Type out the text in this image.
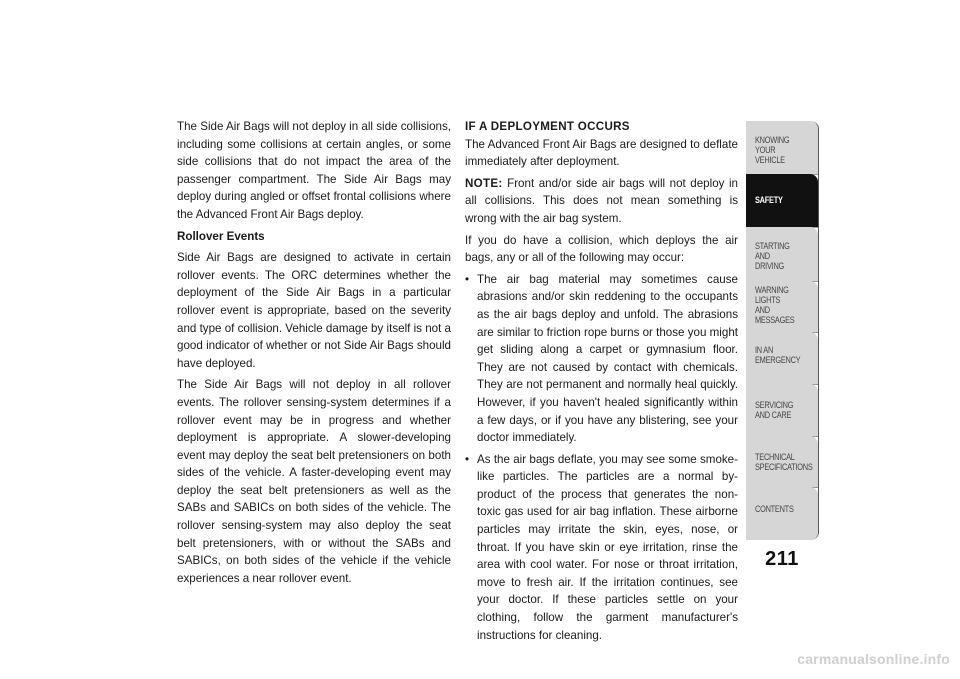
The Side Air Bags will not deploy in all side collisions, including some collisions at certain angles, or some side collisions that do not impact the area of the passenger compartment. The Side Air Bags may deploy during angled or offset frontal collisions where the Advanced Front Air Bags deploy.

Rollover Events

Side Air Bags are designed to activate in certain rollover events. The ORC determines whether the deployment of the Side Air Bags in a particular rollover event is appropriate, based on the severity and type of collision. Vehicle damage by itself is not a good indicator of whether or not Side Air Bags should have deployed.

The Side Air Bags will not deploy in all rollover events. The rollover sensing-system determines if a rollover event may be in progress and whether deployment is appropriate. A slower-developing event may deploy the seat belt pretensioners on both sides of the vehicle. A faster-developing event may deploy the seat belt pretensioners as well as the SABs and SABICs on both sides of the vehicle. The rollover sensing-system may also deploy the seat belt pretensioners, with or without the SABs and SABICs, on both sides of the vehicle if the vehicle experiences a near rollover event.

IF A DEPLOYMENT OCCURS

The Advanced Front Air Bags are designed to deflate immediately after deployment.

NOTE: Front and/or side air bags will not deploy in all collisions. This does not mean something is wrong with the air bag system.

If you do have a collision, which deploys the air bags, any or all of the following may occur:

• The air bag material may sometimes cause abrasions and/or skin reddening to the occupants as the air bags deploy and unfold. The abrasions are similar to friction rope burns or those you might get sliding along a carpet or gymnasium floor. They are not caused by contact with chemicals. They are not permanent and normally heal quickly. However, if you haven't healed significantly within a few days, or if you have any blistering, see your doctor immediately.
• As the air bags deflate, you may see some smoke-like particles. The particles are a normal by-product of the process that generates the non-toxic gas used for air bag inflation. These airborne particles may irritate the skin, eyes, nose, or throat. If you have skin or eye irritation, rinse the area with cool water. For nose or throat irritation, move to fresh air. If the irritation continues, see your doctor. If these particles settle on your clothing, follow the garment manufacturer's instructions for cleaning.
KNOWING
YOUR
VEHICLE
SAFETY
STARTING
AND
DRIVING
WARNING
LIGHTS
AND
MESSAGES
IN AN
EMERGENCY
SERVICING
AND CARE
TECHNICAL
SPECIFICATIONS
CONTENTS
211
carmanualsonline.info
